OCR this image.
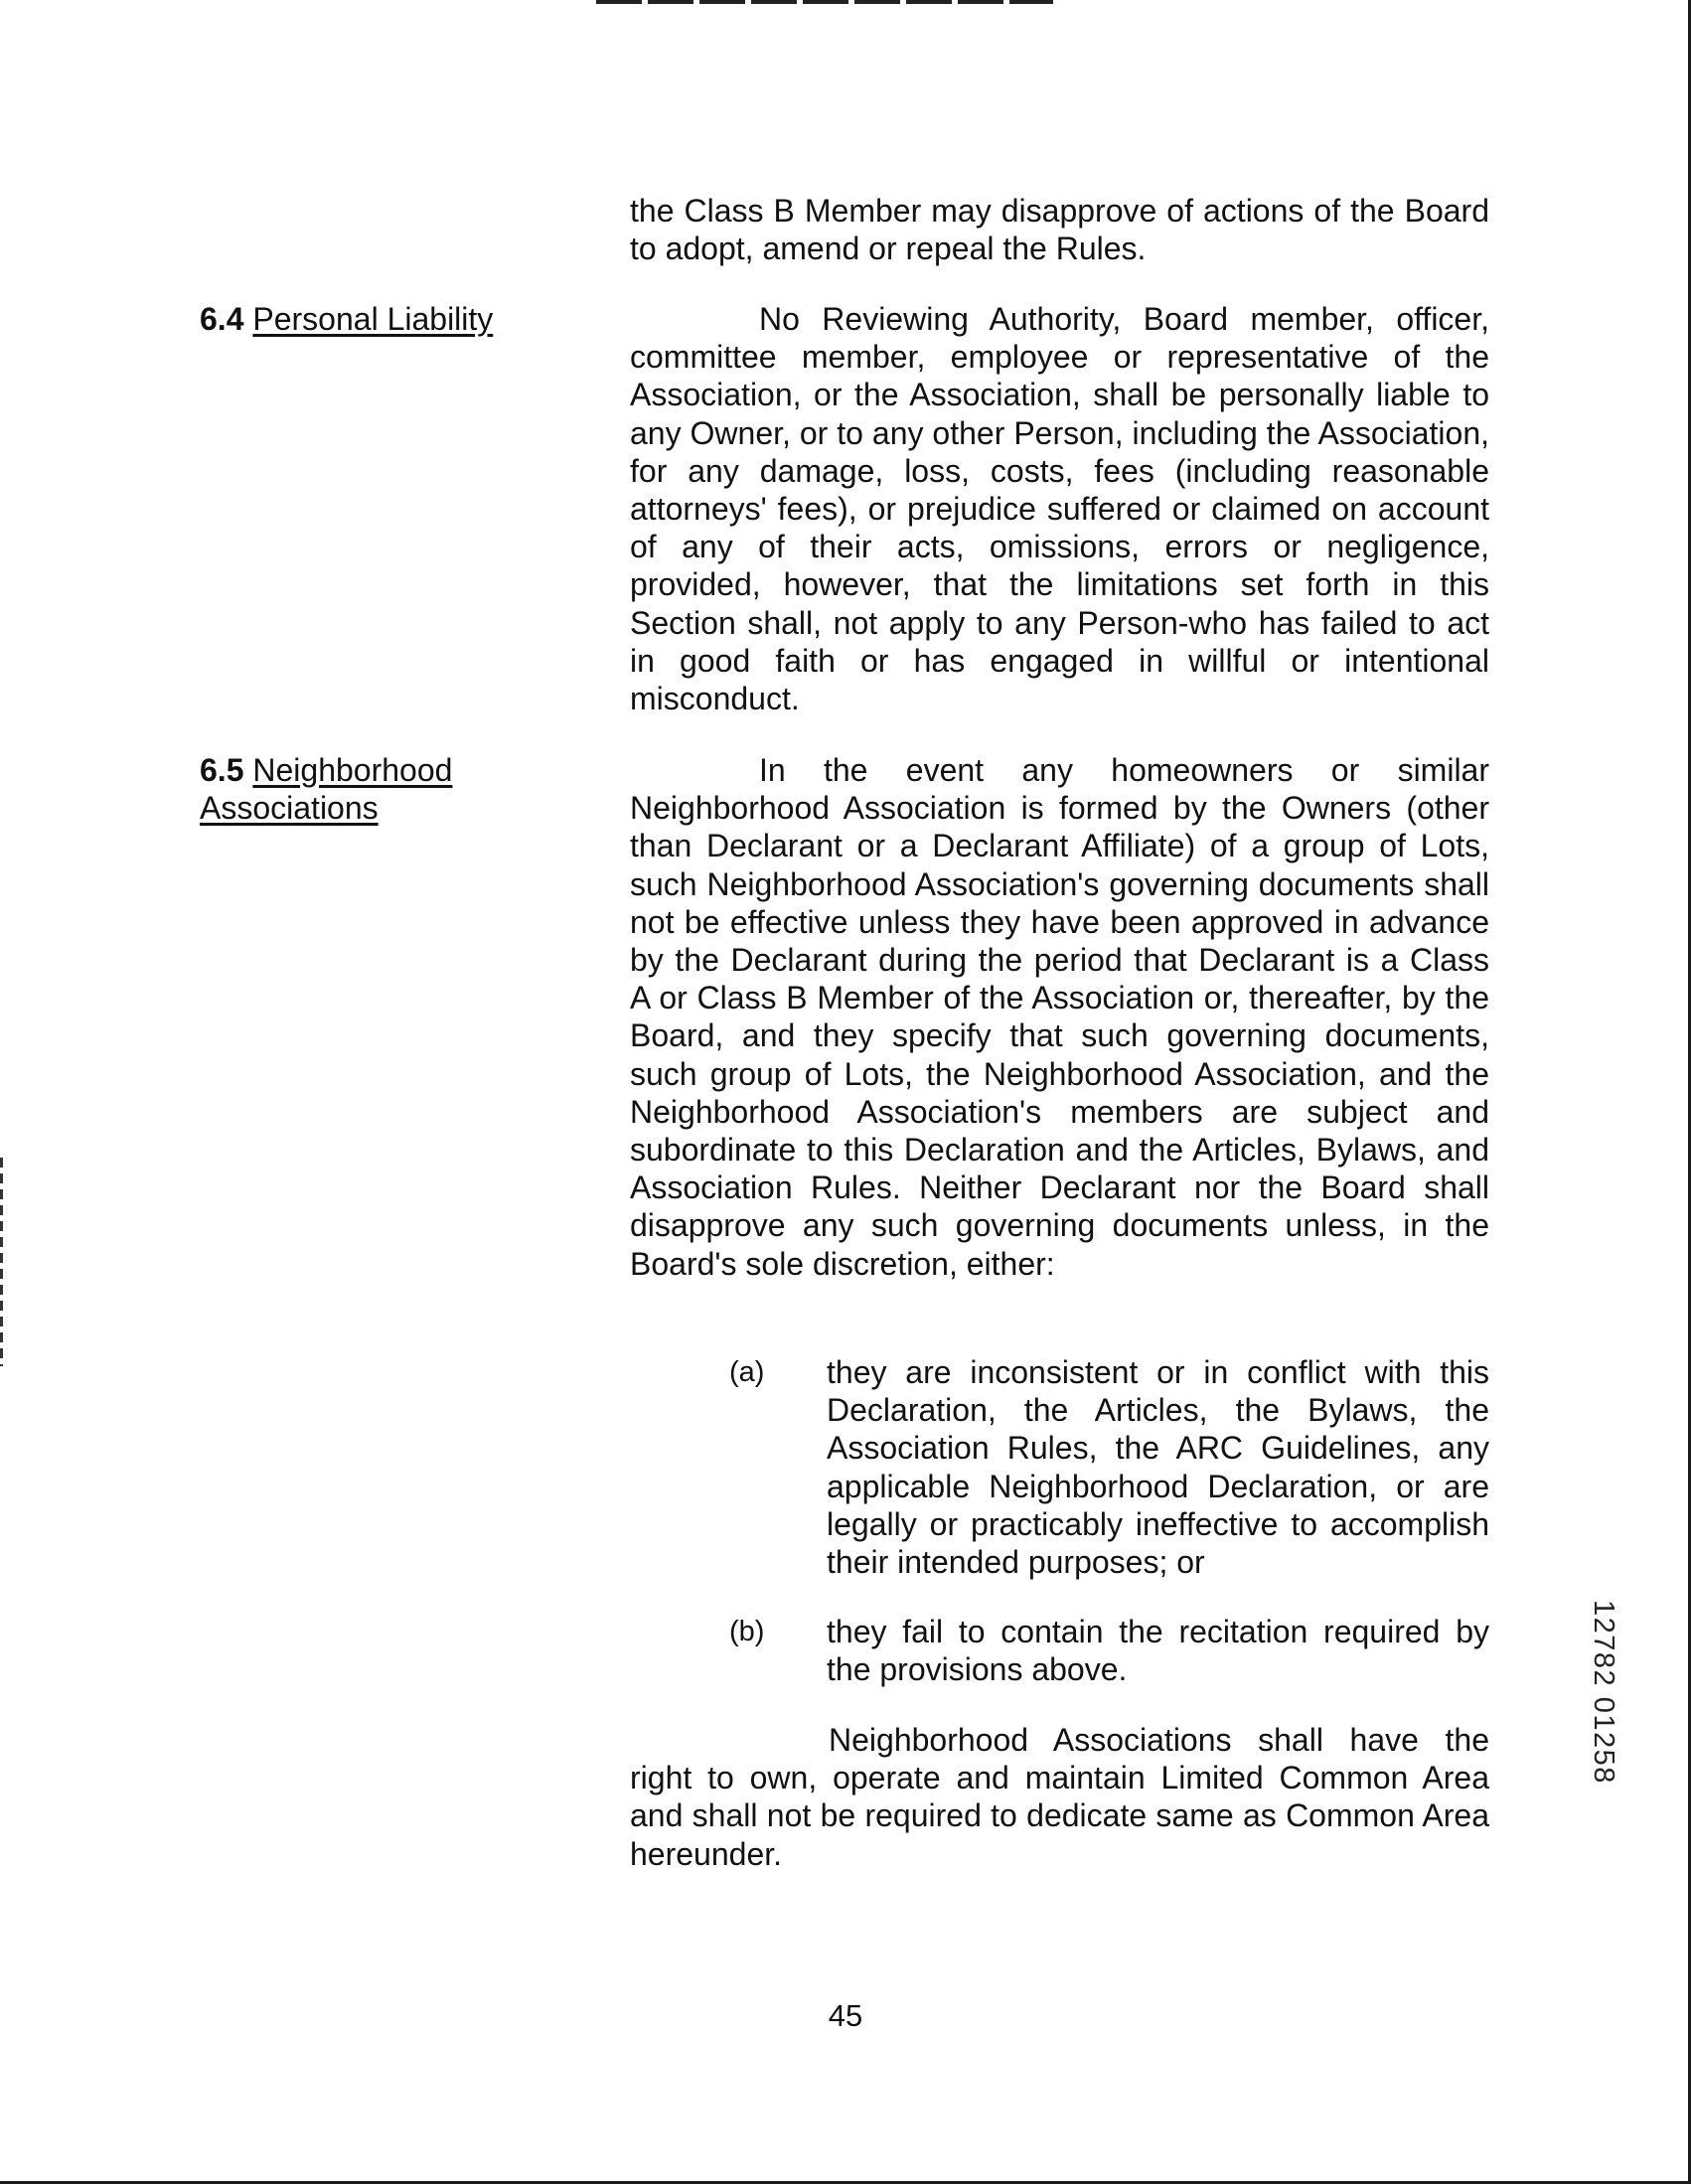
the Class B Member may disapprove of actions of the Board to adopt, amend or repeal the Rules.

6.4 Personal Liability	No Reviewing Authority, Board member, officer, committee member, employee or representative of the Association, or the Association, shall be personally liable to any Owner, or to any other Person, including the Association, for any damage, loss, costs, fees (including reasonable attorneys' fees), or prejudice suffered or claimed on account of any of their acts, omissions, errors or negligence, provided, however, that the limitations set forth in this Section shall, not apply to any Person-who has failed to act in good faith or has engaged in willful or intentional misconduct.

6.5 Neighborhood
Associations

In the event any homeowners or similar Neighborhood Association is formed by the Owners (other than Declarant or a Declarant Affiliate) of a group of Lots, such Neighborhood Association's governing documents shall not be effective unless they have been approved in advance by the Declarant during the period that Declarant is a Class A or Class B Member of the Association or, thereafter, by the Board, and they specify that such governing documents, such group of Lots, the Neighborhood Association, and the Neighborhood Association's members are subject and subordinate to this Declaration and the Articles, Bylaws, and Association Rules. Neither Declarant nor the Board shall disapprove any such governing documents unless, in the Board's sole discretion, either:

(a) they are inconsistent or in conflict with this Declaration, the Articles, the Bylaws, the Association Rules, the ARC Guidelines, any applicable Neighborhood Declaration, or are legally or practicably ineffective to accomplish their intended purposes; or

(b) they fail to contain the recitation required by the provisions above.

Neighborhood Associations shall have the right to own, operate and maintain Limited Common Area and shall not be required to dedicate same as Common Area hereunder.

45

12782 01258
